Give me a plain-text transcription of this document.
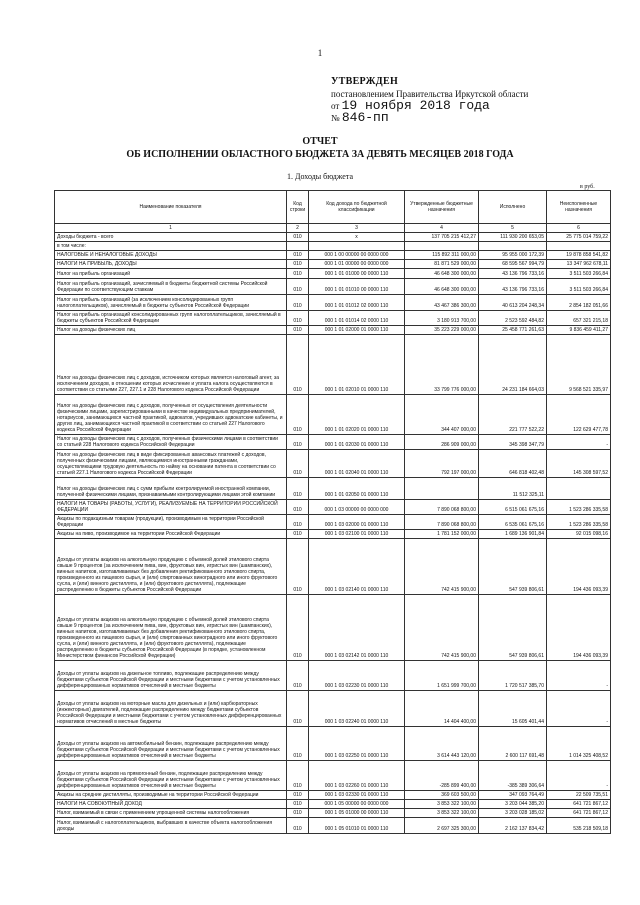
1
УТВЕРЖДЕН
постановлением Правительства Иркутской области
от 19 ноября 2018 года
№ 846-пп
ОТЧЕТ
ОБ ИСПОЛНЕНИИ ОБЛАСТНОГО БЮДЖЕТА ЗА ДЕВЯТЬ МЕСЯЦЕВ 2018 ГОДА
1. Доходы бюджета
в руб.
Наименование показателя	Код строки	Код дохода по бюджетной классификации	Утвержденные бюджетные назначения	Исполнено	Неисполненные назначения
1	2	3	4	5	6
Доходы бюджета - всего	010	x	137 705 215 412,27	111 930 200 653,05	25 775 014 759,22
в том числе:					
НАЛОГОВЫЕ И НЕНАЛОГОВЫЕ ДОХОДЫ	010	000 1 00 00000 00 0000 000	115 892 311 000,00	95 955 000 172,39	19 878 858 541,82
НАЛОГИ НА ПРИБЫЛЬ, ДОХОДЫ	010	000 1 01 00000 00 0000 000	81 871 529 000,00	68 595 567 994,79	13 347 962 678,11
Налог на прибыль организаций	010	000 1 01 01000 00 0000 110	46 648 300 000,00	43 136 796 733,16	3 511 503 266,84
Налог на прибыль организаций, зачисляемый в бюджеты бюджетной системы Российской Федерации по соответствующим ставкам	010	000 1 01 01010 00 0000 110	46 648 300 000,00	43 136 796 733,16	3 511 503 266,84
Налог на прибыль организаций (за исключением консолидированных групп налогоплательщиков), зачисляемый в бюджеты субъектов Российской Федерации	010	000 1 01 01012 02 0000 110	43 467 386 300,00	40 613 204 248,34	2 854 182 051,66
Налог на прибыль организаций консолидированных групп налогоплательщиков, зачисляемый в бюджеты субъектов Российской Федерации	010	000 1 01 01014 02 0000 110	3 180 913 700,00	2 523 592 484,82	657 321 215,18
Налог на доходы физических лиц	010	000 1 01 02000 01 0000 110	35 223 229 000,00	25 458 771 261,63	9 836 459 411,27
Налог на доходы физических лиц с доходов, источником которых является налоговый агент, за исключением доходов, в отношении которых исчисление и уплата налога осуществляются в соответствии со статьями 227, 227.1 и 228 Налогового кодекса Российской Федерации	010	000 1 01 02010 01 0000 110	33 799 776 000,00	24 231 184 664,03	9 568 521 335,97
Налог на доходы физических лиц с доходов, полученных от осуществления деятельности физическими лицами, зарегистрированными в качестве индивидуальных предпринимателей, нотариусов, занимающихся частной практикой, адвокатов, учредивших адвокатские кабинеты, и других лиц, занимающихся частной практикой в соответствии со статьей 227 Налогового кодекса Российской Федерации	010	000 1 01 02020 01 0000 110	344 407 000,00	221 777 522,22	122 629 477,78
Налог на доходы физических лиц с доходов, полученных физическими лицами в соответствии со статьей 228 Налогового кодекса Российской Федерации	010	000 1 01 02030 01 0000 110	286 909 000,00	345 398 347,79	-
Налог на доходы физических лиц в виде фиксированных авансовых платежей с доходов, полученных физическими лицами, являющимися иностранными гражданами, осуществляющими трудовую деятельность по найму на основании патента в соответствии со статьей 227.1 Налогового кодекса Российской Федерации	010	000 1 01 02040 01 0000 110	792 197 000,00	646 818 402,48	145 308 597,52
Налог на доходы физических лиц с сумм прибыли контролируемой иностранной компании, полученной физическими лицами, признаваемыми контролирующими лицами этой компании	010	000 1 01 02050 01 0000 110		11 512 325,11	
НАЛОГИ НА ТОВАРЫ (РАБОТЫ, УСЛУГИ), РЕАЛИЗУЕМЫЕ НА ТЕРРИТОРИИ РОССИЙСКОЙ ФЕДЕРАЦИИ	010	000 1 03 00000 00 0000 000	7 890 068 800,00	6 515 061 675,16	1 523 286 335,58
Акцизы по подакцизным товарам (продукции), производимым на территории Российской Федерации	010	000 1 03 02000 01 0000 110	7 890 068 800,00	6 535 061 675,16	1 523 286 335,58
Акцизы на пиво, производимое на территории Российской Федерации	010	000 1 03 02100 01 0000 110	1 781 152 000,00	1 689 136 901,84	92 015 098,16
Доходы от уплаты акцизов на алкогольную продукцию с объемной долей этилового спирта свыше 9 процентов (за исключением пива, вин, фруктовых вин, игристых вин (шампанских), винных напитков, изготавливаемых без добавления ректификованного этилового спирта, произведенного из пищевого сырья, и (или) спиртованных виноградного или иного фруктового сусла, и (или) винного дистиллята, и (или) фруктового дистиллята), подлежащие распределению в бюджеты субъектов Российской Федерации	010	000 1 03 02140 01 0000 110	742 415 900,00	547 939 806,61	194 436 093,39
Доходы от уплаты акцизов на алкогольную продукцию с объемной долей этилового спирта свыше 9 процентов (за исключением пива, вин, фруктовых вин, игристых вин (шампанских), винных напитков, изготавливаемых без добавления ректификованного этилового спирта, произведенного из пищевого сырья, и (или) спиртованных виноградного или иного фруктового сусла, и (или) винного дистиллята, и (или) фруктового дистиллята), подлежащие распределению в бюджеты субъектов Российской Федерации (в порядке, установленном Министерством финансов Российской Федерации)	010	000 1 03 02142 01 0000 110	742 415 900,00	547 939 806,61	194 436 093,39
Доходы от уплаты акцизов на дизельное топливо, подлежащие распределению между бюджетами субъектов Российской Федерации и местными бюджетами с учетом установленных дифференцированных нормативов отчислений в местные бюджеты	010	000 1 03 02230 01 0000 110	1 651 999 700,00	1 720 517 385,70	-
Доходы от уплаты акцизов на моторные масла для дизельных и (или) карбюраторных (инжекторных) двигателей, подлежащие распределению между бюджетами субъектов Российской Федерации и местными бюджетами с учетом установленных дифференцированных нормативов отчислений в местные бюджеты	010	000 1 03 02240 01 0000 110	14 404 400,00	15 605 401,44	-
Доходы от уплаты акцизов на автомобильный бензин, подлежащие распределению между бюджетами субъектов Российской Федерации и местными бюджетами с учетом установленных дифференцированных нормативов отчислений в местные бюджеты	010	000 1 03 02250 01 0000 110	3 614 443 120,00	2 600 117 691,48	1 014 325 408,52
Доходы от уплаты акцизов на прямогонный бензин, подлежащие распределению между бюджетами субъектов Российской Федерации и местными бюджетами с учетом установленных дифференцированных нормативов отчислений в местные бюджеты	010	000 1 03 02260 01 0000 110	-285 899 400,00	-385 389 306,64	-
Акцизы на средние дистилляты, производимые на территории Российской Федерации	010	000 1 03 02330 01 0000 110	369 603 500,00	347 093 764,49	22 509 735,51
НАЛОГИ НА СОВОКУПНЫЙ ДОХОД	010	000 1 05 00000 00 0000 000	3 853 322 100,00	3 203 044 385,20	641 721 867,12
Налог, взимаемый в связи с применением упрощенной системы налогообложения	010	000 1 05 01000 00 0000 110	3 853 322 100,00	3 203 028 185,02	641 721 867,12
Налог, взимаемый с налогоплательщиков, выбравших в качестве объекта налогообложения доходы	010	000 1 05 01010 01 0000 110	2 697 325 300,00	2 162 137 834,42	535 218 509,18
